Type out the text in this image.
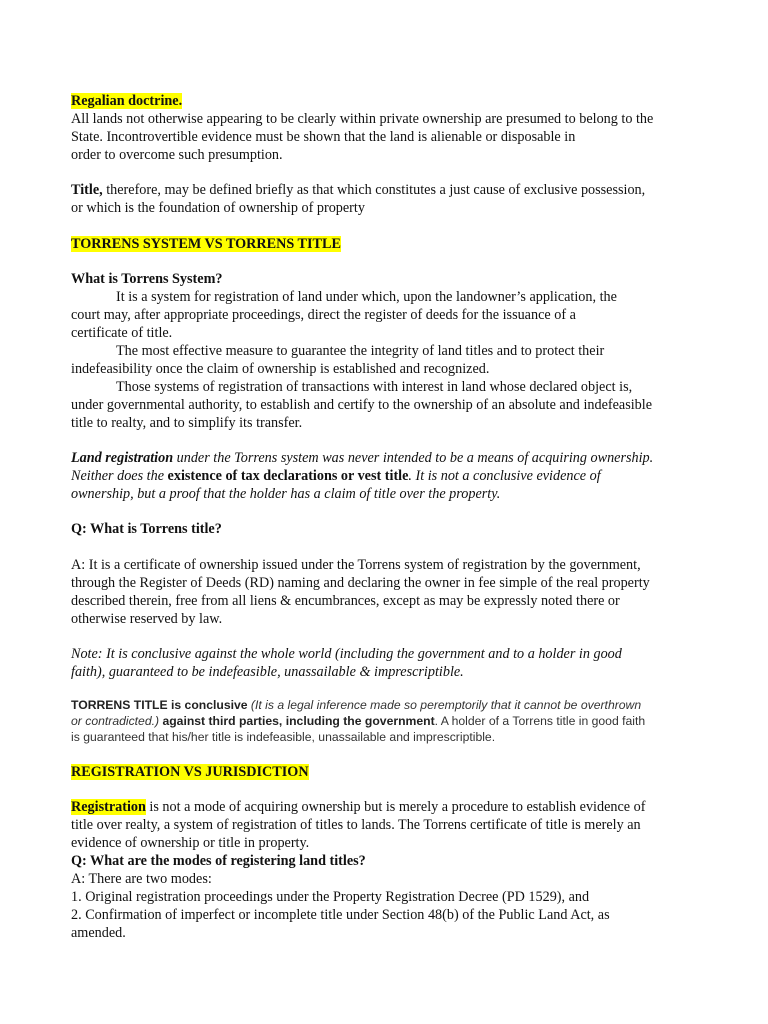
Regalian doctrine.

All lands not otherwise appearing to be clearly within private ownership are presumed to belong to the

State. Incontrovertible evidence must be shown that the land is alienable or disposable in

order to overcome such presumption.

Title, therefore, may be defined briefly as that which constitutes a just cause of exclusive possession,

or which is the foundation of ownership of property

TORRENS SYSTEM VS TORRENS TITLE

What is Torrens System?

It is a system for registration of land under which, upon the landowner’s application, the

court may, after appropriate proceedings, direct the register of deeds for the issuance of a

certificate of title.

The most effective measure to guarantee the integrity of land titles and to protect their

indefeasibility once the claim of ownership is established and recognized.

Those systems of registration of transactions with interest in land whose declared object is,

under governmental authority, to establish and certify to the ownership of an absolute and indefeasible

title to realty, and to simplify its transfer.

Land registration under the Torrens system was never intended to be a means of acquiring ownership.

Neither does the existence of tax declarations or vest title. It is not a conclusive evidence of

ownership, but a proof that the holder has a claim of title over the property.

Q: What is Torrens title?

A: It is a certificate of ownership issued under the Torrens system of registration by the government,

through the Register of Deeds (RD) naming and declaring the owner in fee simple of the real property

described therein, free from all liens & encumbrances, except as may be expressly noted there or

otherwise reserved by law.

Note: It is conclusive against the whole world (including the government and to a holder in good

faith), guaranteed to be indefeasible, unassailable & imprescriptible.

TORRENS TITLE is conclusive (It is a legal inference made so peremptorily that it cannot be overthrown

or contradicted.) against third parties, including the government. A holder of a Torrens title in good faith

is guaranteed that his/her title is indefeasible, unassailable and imprescriptible.

REGISTRATION VS JURISDICTION

Registration is not a mode of acquiring ownership but is merely a procedure to establish evidence of

title over realty, a system of registration of titles to lands. The Torrens certificate of title is merely an

evidence of ownership or title in property.

Q: What are the modes of registering land titles?

A: There are two modes:

1. Original registration proceedings under the Property Registration Decree (PD 1529), and

2. Confirmation of imperfect or incomplete title under Section 48(b) of the Public Land Act, as

amended.
